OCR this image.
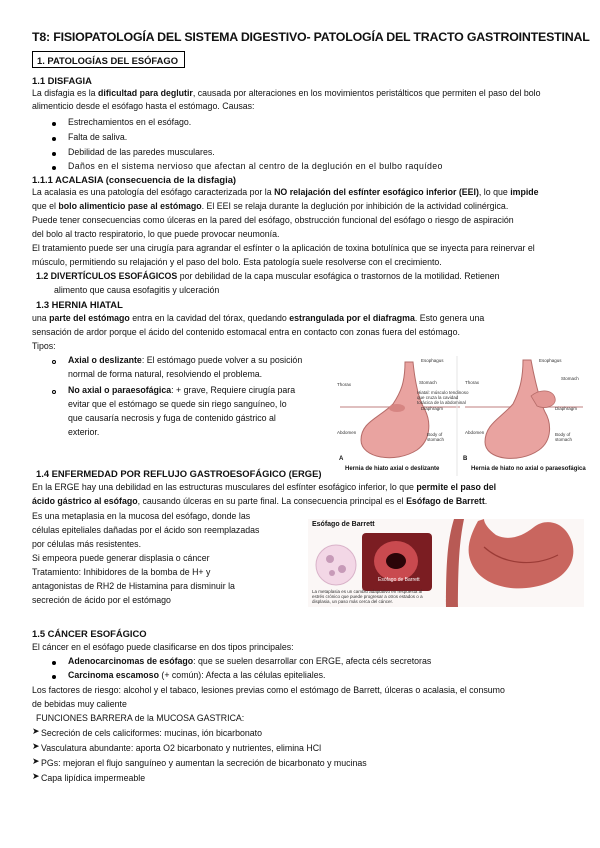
T8: FISIOPATOLOGÍA DEL SISTEMA DIGESTIVO- PATOLOGÍA DEL TRACTO GASTROINTESTINAL
1. PATOLOGÍAS DEL ESÓFAGO
1.1 DISFAGIA
La disfagia es la dificultad para deglutir, causada por alteraciones en los movimientos peristálticos que permiten el paso del bolo
alimenticio desde el esófago hasta el estómago. Causas:
Estrechamientos en el esófago.
Falta de saliva.
Debilidad de las paredes musculares.
Daños en el sistema nervioso que afectan al centro de la deglución en el bulbo raquídeo
1.1.1 ACALASIA (consecuencia de la disfagia)
La acalasia es una patología del esófago caracterizada por la NO relajación del esfínter esofágico inferior (EEI), lo que impide
que el bolo alimenticio pase al estómago. El EEI se relaja durante la deglución por inhibición de la actividad colinérgica.
Puede tener consecuencias como úlceras en la pared del esófago, obstrucción funcional del esófago o riesgo de aspiración
del bolo al tracto respiratorio, lo que puede provocar neumonía.
El tratamiento puede ser una cirugía para agrandar el esfínter o la aplicación de toxina botulínica que se inyecta para reinervar el
músculo, permitiendo su relajación y el paso del bolo. Esta patología suele resolverse con el crecimiento.
1.2 DIVERTÍCULOS ESOFÁGICOS por debilidad de la capa muscular esofágica o trastornos de la motilidad. Retienen
alimento que causa esofagitis y ulceración
1.3 HERNIA HIATAL
una parte del estómago entra en la cavidad del tórax, quedando estrangulada por el diafragma. Esto genera una
sensación de ardor porque el ácido del contenido estomacal entra en contacto con zonas fuera del estómago.
Tipos:
Axial o deslizante: El estómago puede volver a su posición
normal de forma natural, resolviendo el problema.
No axial o paraesofágica: + grave, Requiere cirugía para
evitar que el estómago se quede sin riego sanguíneo, lo
que causaría necrosis y fuga de contenido gástrico al
exterior.
Thorax
Esophagus
Stomach
Hiatal: músculo tendinoso
que cruza la cavidad
torácica de la abdominal
Diaphragm
Abdomen	Body of
stomach
Thorax
Esophagus
Stomach
Diaphragm
Abdomen	Body of
stomach
A	B
Hernia de hiato axial o deslizante	Hernia de hiato no axial o paraesofágica
1.4 ENFERMEDAD POR REFLUJO GASTROESOFÁGICO (ERGE)
En la ERGE hay una debilidad en las estructuras musculares del esfínter esofágico inferior, lo que permite el paso del
ácido gástrico al esófago, causando úlceras en su parte final. La consecuencia principal es el Esófago de Barrett.
Es una metaplasia en la mucosa del esófago, donde las
células epiteliales dañadas por el ácido son reemplazadas
por células más resistentes.
Si empeora puede generar displasia o cáncer
Tratamiento: Inhibidores de la bomba de H+ y
antagonistas de RH2 de Histamina para disminuir la
secreción de ácido por el estómago
Esófago de Barrett
Esófago de Barrett
La metaplasia es un cambio adaptativo en respuesta al
estrés crónico que puede progresar a otros estados o a
displasia, un paso más cerca del cáncer.
1.5 CÁNCER ESOFÁGICO
El cáncer en el esófago puede clasificarse en dos tipos principales:
Adenocarcinomas de esófago: que se suelen desarrollar con ERGE, afecta céls secretoras
Carcinoma escamoso (+ común): Afecta a las células epiteliales.
Los factores de riesgo: alcohol y el tabaco, lesiones previas como el estómago de Barrett, úlceras o acalasia, el consumo
de bebidas muy caliente
FUNCIONES BARRERA de la MUCOSA GASTRICA:
➤ Secreción de cels caliciformes: mucinas, ión bicarbonato
➤ Vasculatura abundante: aporta O2 bicarbonato y nutrientes, elimina HCl
➤ PGs: mejoran el flujo sanguíneo y aumentan la secreción de bicarbonato y mucinas
➤ Capa lipídica impermeable
